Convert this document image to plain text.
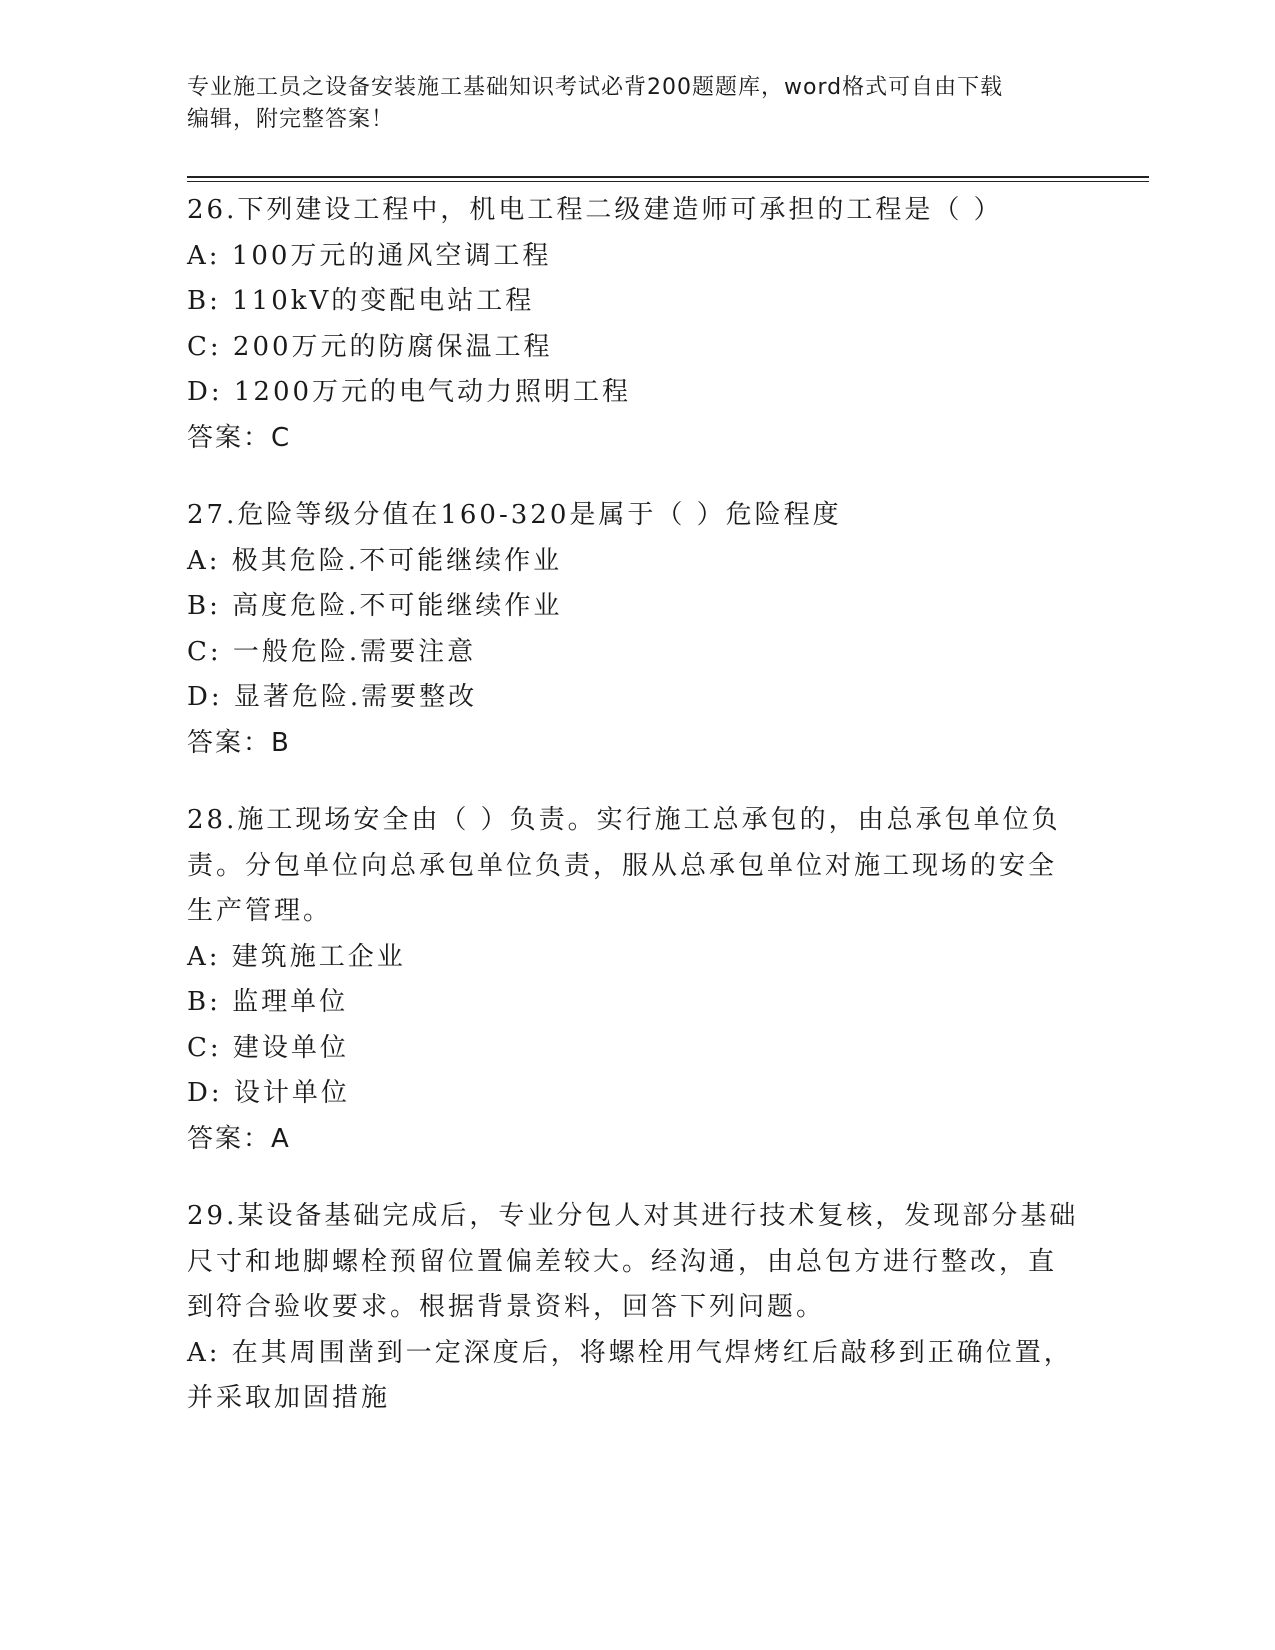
专业施工员之设备安装施工基础知识考试必背200题题库，word格式可自由下载
编辑，附完整答案！
26.下列建设工程中，机电工程二级建造师可承担的工程是（ ）
A: 100万元的通风空调工程
B: 110kV的变配电站工程
C: 200万元的防腐保温工程
D: 1200万元的电气动力照明工程
答案：C
27.危险等级分值在160-320是属于（ ）危险程度
A: 极其危险.不可能继续作业
B: 高度危险.不可能继续作业
C: 一般危险.需要注意
D: 显著危险.需要整改
答案：B
28.施工现场安全由（ ）负责。实行施工总承包的，由总承包单位负
责。分包单位向总承包单位负责，服从总承包单位对施工现场的安全
生产管理。
A: 建筑施工企业
B: 监理单位
C: 建设单位
D: 设计单位
答案：A
29.某设备基础完成后，专业分包人对其进行技术复核，发现部分基础
尺寸和地脚螺栓预留位置偏差较大。经沟通，由总包方进行整改，直
到符合验收要求。根据背景资料，回答下列问题。
A: 在其周围凿到一定深度后，将螺栓用气焊烤红后敲移到正确位置，
并采取加固措施
